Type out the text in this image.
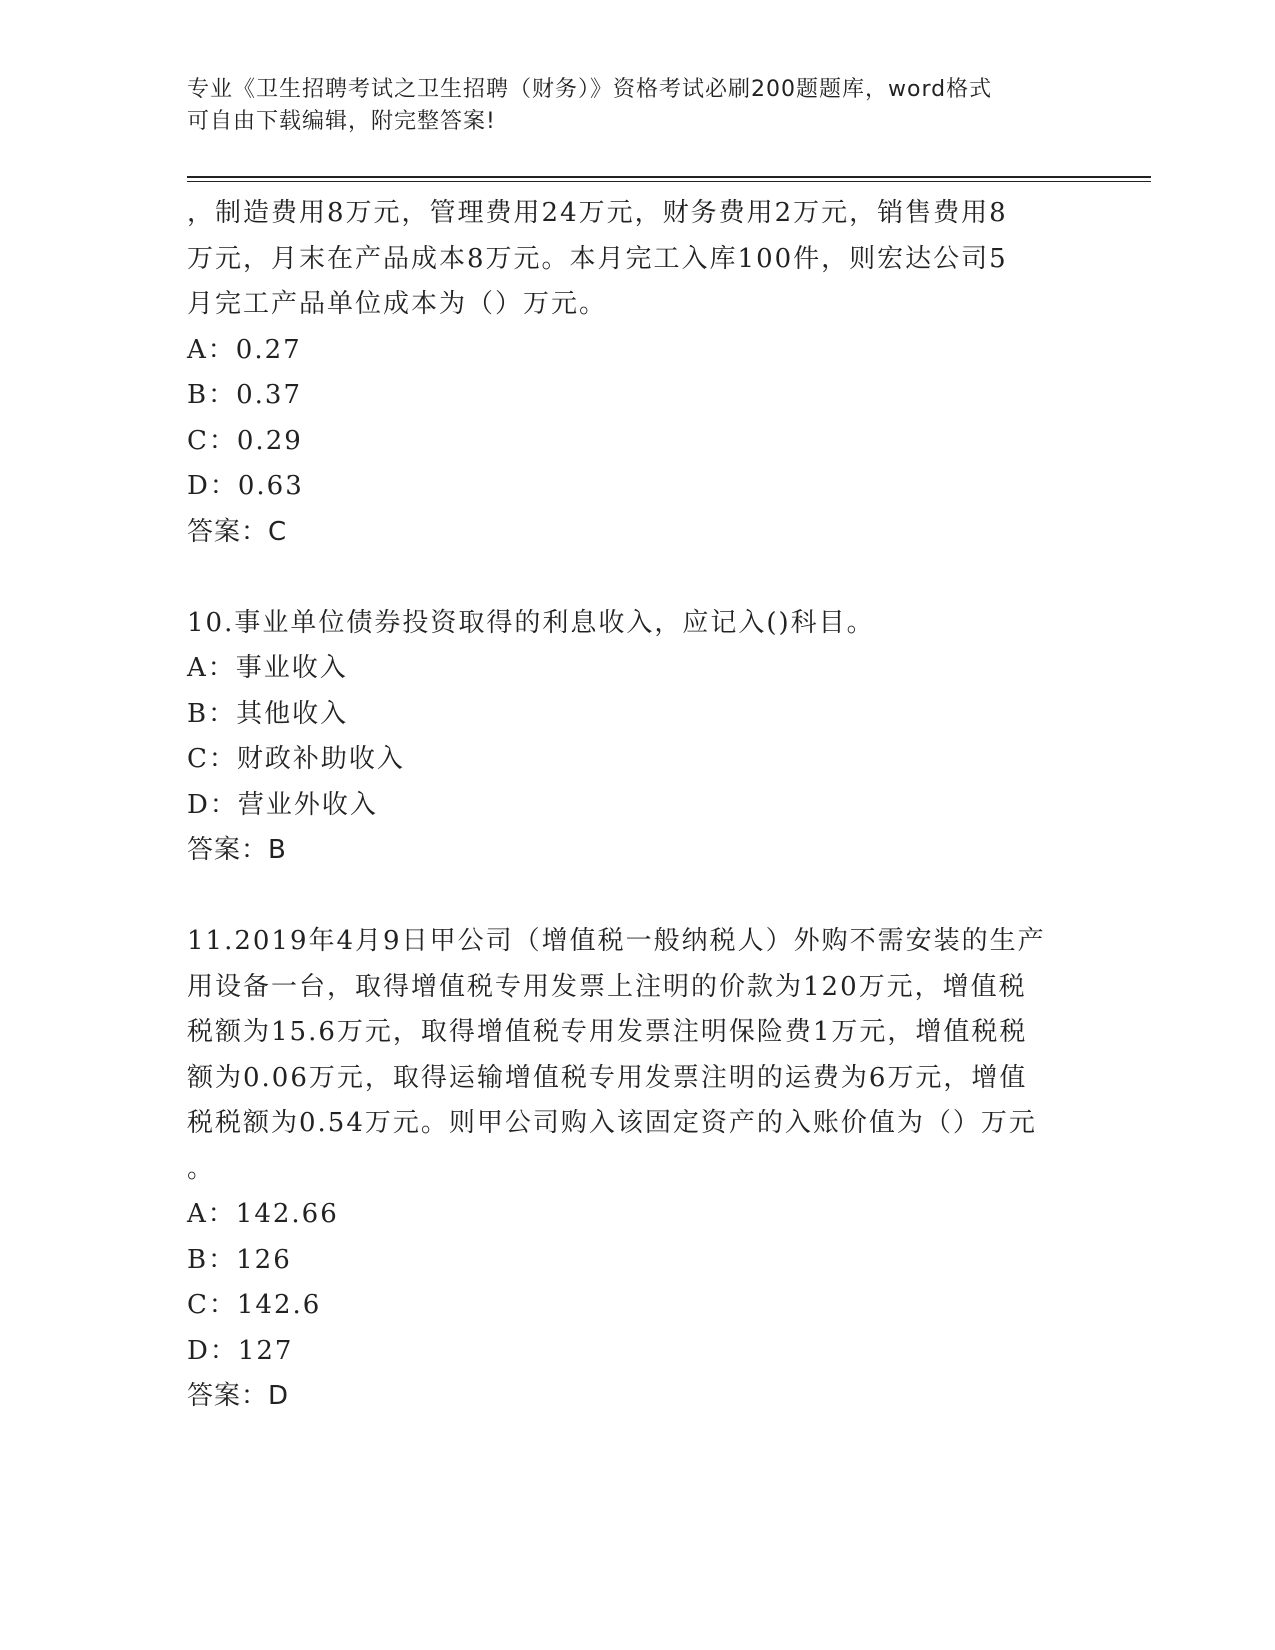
专业《卫生招聘考试之卫生招聘（财务）》资格考试必刷200题题库，word格式
可自由下载编辑，附完整答案!
，制造费用8万元，管理费用24万元，财务费用2万元，销售费用8
万元，月末在产品成本8万元。本月完工入库100件，则宏达公司5
月完工产品单位成本为（）万元。
A：0.27
B：0.37
C：0.29
D：0.63
答案：C
10.事业单位债券投资取得的利息收入，应记入()科目。
A：事业收入
B：其他收入
C：财政补助收入
D：营业外收入
答案：B
11.2019年4月9日甲公司（增值税一般纳税人）外购不需安装的生产
用设备一台，取得增值税专用发票上注明的价款为120万元，增值税
税额为15.6万元，取得增值税专用发票注明保险费1万元，增值税税
额为0.06万元，取得运输增值税专用发票注明的运费为6万元，增值
税税额为0.54万元。则甲公司购入该固定资产的入账价值为（）万元
。
A：142.66
B：126
C：142.6
D：127
答案：D
